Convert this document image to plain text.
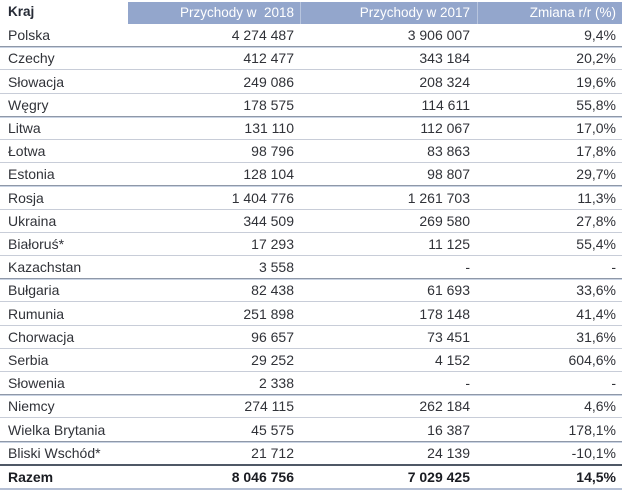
Kraj	Przychody w  2018	Przychody w 2017	Zmiana r/r (%)
Polska	4 274 487	3 906 007	9,4%
Czechy	412 477	343 184	20,2%
Słowacja	249 086	208 324	19,6%
Węgry	178 575	114 611	55,8%
Litwa	131 110	112 067	17,0%
Łotwa	98 796	83 863	17,8%
Estonia	128 104	98 807	29,7%
Rosja	1 404 776	1 261 703	11,3%
Ukraina	344 509	269 580	27,8%
Białoruś*	17 293	11 125	55,4%
Kazachstan	3 558	-	-
Bułgaria	82 438	61 693	33,6%
Rumunia	251 898	178 148	41,4%
Chorwacja	96 657	73 451	31,6%
Serbia	29 252	4 152	604,6%
Słowenia	2 338	-	-
Niemcy	274 115	262 184	4,6%
Wielka Brytania	45 575	16 387	178,1%
Bliski Wschód*	21 712	24 139	-10,1%
Razem	8 046 756	7 029 425	14,5%
